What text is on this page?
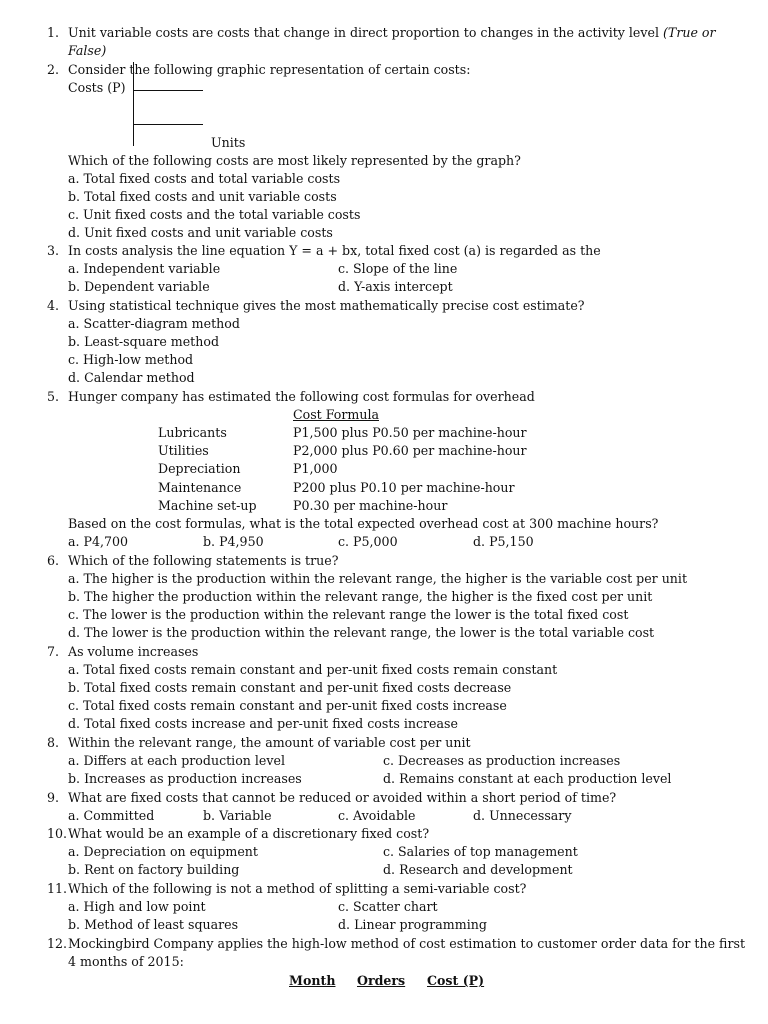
1. Unit variable costs are costs that change in direct proportion to changes in the activity level (True or
False)
2. Consider the following graphic representation of certain costs:
Costs (P)
Units
Which of the following costs are most likely represented by the graph?
a. Total fixed costs and total variable costs
b. Total fixed costs and unit variable costs
c. Unit fixed costs and the total variable costs
d. Unit fixed costs and unit variable costs
3. In costs analysis the line equation Y = a + bx, total fixed cost (a) is regarded as the
a. Independent variable	c. Slope of the line
b. Dependent variable	d. Y-axis intercept
4. Using statistical technique gives the most mathematically precise cost estimate?
a. Scatter-diagram method
b. Least-square method
c. High-low method
d. Calendar method
5. Hunger company has estimated the following cost formulas for overhead
Cost Formula
Lubricants	P1,500 plus P0.50 per machine-hour
Utilities	P2,000 plus P0.60 per machine-hour
Depreciation	P1,000
Maintenance	P200 plus P0.10 per machine-hour
Machine set-up	P0.30 per machine-hour
Based on the cost formulas, what is the total expected overhead cost at 300 machine hours?
a. P4,700	b. P4,950	c. P5,000	d. P5,150
6. Which of the following statements is true?
a. The higher is the production within the relevant range, the higher is the variable cost per unit
b. The higher the production within the relevant range, the higher is the fixed cost per unit
c. The lower is the production within the relevant range the lower is the total fixed cost
d. The lower is the production within the relevant range, the lower is the total variable cost
7. As volume increases
a. Total fixed costs remain constant and per-unit fixed costs remain constant
b. Total fixed costs remain constant and per-unit fixed costs decrease
c. Total fixed costs remain constant and per-unit fixed costs increase
d. Total fixed costs increase and per-unit fixed costs increase
8. Within the relevant range, the amount of variable cost per unit
a. Differs at each production level	c. Decreases as production increases
b. Increases as production increases	d. Remains constant at each production level
9. What are fixed costs that cannot be reduced or avoided within a short period of time?
a. Committed	b. Variable	c. Avoidable	d. Unnecessary
10. What would be an example of a discretionary fixed cost?
a. Depreciation on equipment	c. Salaries of top management
b. Rent on factory building	d. Research and development
11. Which of the following is not a method of splitting a semi-variable cost?
a. High and low point	c. Scatter chart
b. Method of least squares	d. Linear programming
12. Mockingbird Company applies the high-low method of cost estimation to customer order data for the first
4 months of 2015:
Month Orders Cost (P)
